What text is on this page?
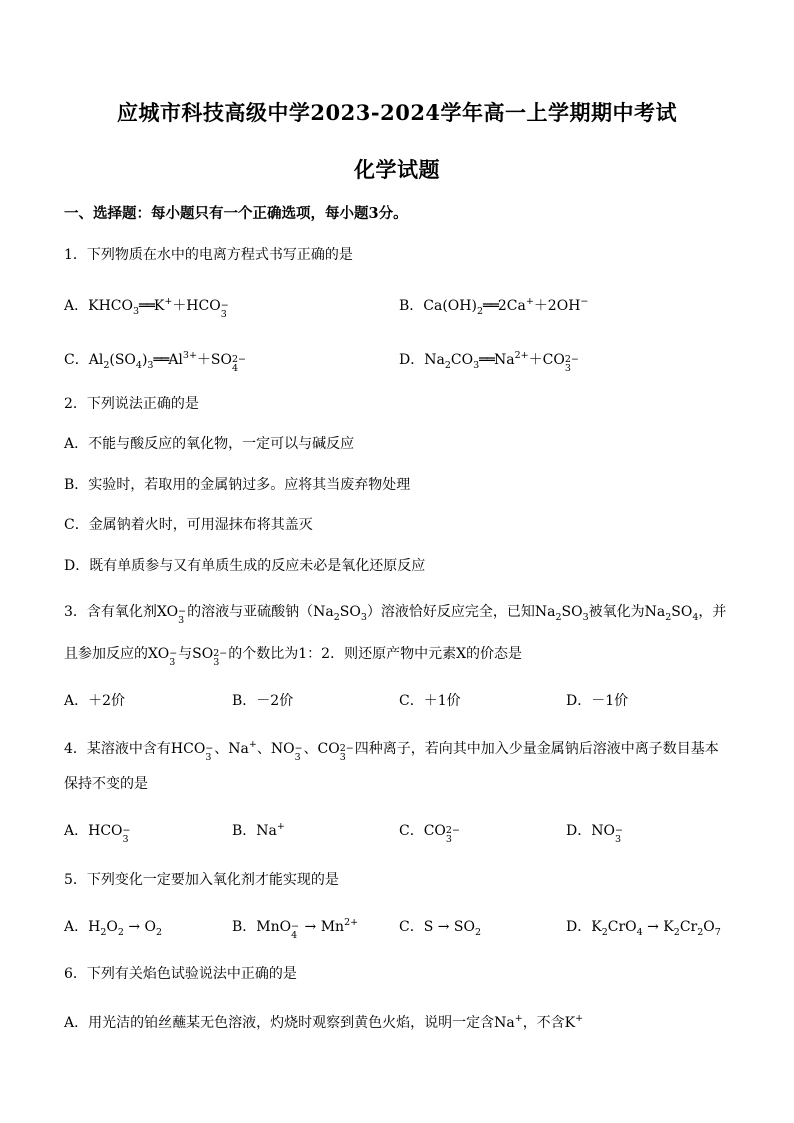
应城市科技高级中学2023-2024学年高一上学期期中考试
化学试题
一、选择题：每小题只有一个正确选项，每小题3分。
1．下列物质在水中的电离方程式书写正确的是
A．$KHCO_3══K^++HCO$ −
3
B．$Ca(OH)_2══2Ca^++2OH^-$
C．$Al_2(SO_4)_3══Al^{3+}+SO$ 2−
4
D．$Na_2CO_3══Na^{2+}+CO$ 2−
3
2．下列说法正确的是
A．不能与酸反应的氧化物，一定可以与碱反应
B．实验时，若取用的金属钠过多。应将其当废弃物处理
C．金属钠着火时，可用湿抹布将其盖灭
D．既有单质参与又有单质生成的反应未必是氧化还原反应
3．含有氧化剂XO −
3
的溶液与亚硫酸钠$(Na_2SO_3)$溶液恰好反应完全，已知$Na_2SO_3$被氧化为$Na_2SO_4$，并
且参加反应的XO −
3
与SO 2−
3
的个数比为1：2．则还原产物中元素X的价态是
A．＋2价	B．－2价	C．＋1价	D．－1价
4．某溶液中含有HCO −
3
、Na+、NO −
3
、CO 2−
3
四种离子，若向其中加入少量金属钠后溶液中离子数目基本
保持不变的是
A．HCO −
3
B．Na+	C．CO 2−
3
D．NO −
3
5．下列变化一定要加入氧化剂才能实现的是
A．$H_2O_2 \to O_2$	B．MnO −
4
→ $Mn^{2+}$	C．$S \to SO_2$	D．$K_2CrO_4 \to K_2Cr_2O_7$
6．下列有关焰色试验说法中正确的是
A．用光洁的铂丝蘸某无色溶液，灼烧时观察到黄色火焰，说明一定含Na+，不含K+
